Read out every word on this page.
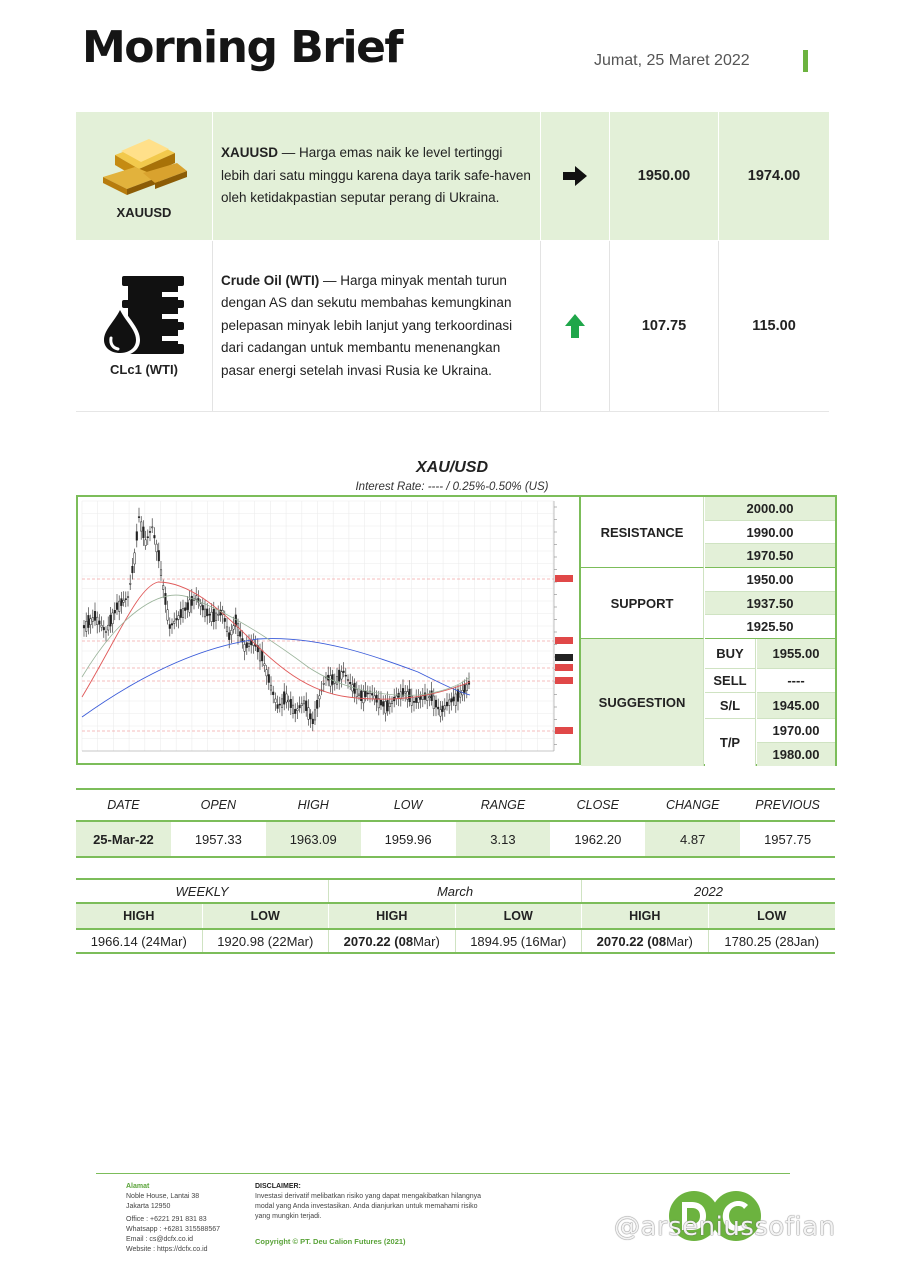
Morning Brief	Jumat, 25 Maret 2022
XAUUSD

XAUUSD — Harga emas naik ke level tertinggi lebih dari satu minggu karena daya tarik safe-haven oleh ketidakpastian seputar perang di Ukraina.

1950.00	1974.00
CLc1 (WTI)

Crude Oil (WTI) — Harga minyak mentah turun dengan AS dan sekutu membahas kemungkinan pelepasan minyak lebih lanjut yang terkoordinasi dari cadangan untuk membantu menenangkan pasar energi setelah invasi Rusia ke Ukraina.

107.75	115.00
XAU/USD
Interest Rate: ---- / 0.25%-0.50% (US)
RESISTANCE
2000.00
1990.00
1970.50
SUPPORT
1950.00
1937.50
1925.50
SUGGESTION
BUY	1955.00
SELL	----
S/L	1945.00
T/P
1970.00
1980.00
DATE	OPEN	HIGH	LOW	RANGE	CLOSE	CHANGE	PREVIOUS
25-Mar-22	1957.33	1963.09	1959.96	3.13	1962.20	4.87	1957.75
WEEKLY	March	2022
HIGH	LOW	HIGH	LOW	HIGH	LOW
1966.14 (24Mar)	1920.98 (22Mar)	2070.22 ( 08 Mar)	1894.95 (16Mar)	2070.22 ( 08 Mar)	1780.25 (28Jan)
Alamat
Noble House, Lantai 38
Jakarta 12950
Office : +6221 291 831 83
Whatsapp : +6281 315588567
Email : cs@dcfx.co.id
Website : https://dcfx.co.id
DISCLAIMER:
Investasi derivatif melibatkan risiko yang dapat mengakibatkan hilangnya modal yang Anda investasikan. Anda dianjurkan untuk memahami risiko yang mungkin terjadi.
Copyright © PT. Deu Calion Futures (2021)	@arseniussofian
